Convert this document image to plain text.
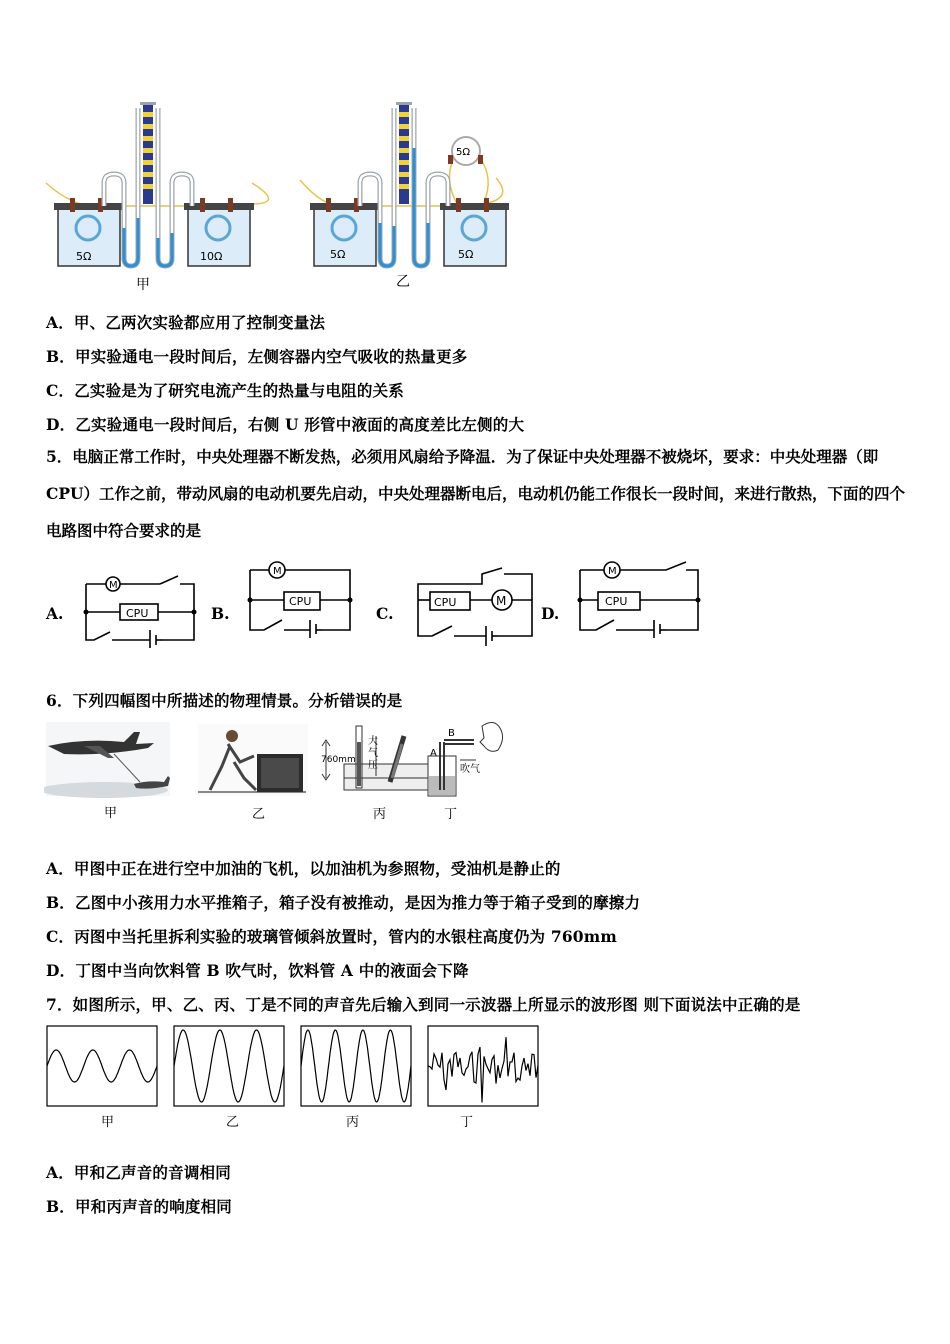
5Ω	10Ω
甲
5Ω
5Ω	5Ω
乙
A．甲、乙两次实验都应用了控制变量法
B．甲实验通电一段时间后，左侧容器内空气吸收的热量更多
C．乙实验是为了研究电流产生的热量与电阻的关系
D．乙实验通电一段时间后，右侧 U 形管中液面的高度差比左侧的大
5．电脑正常工作时，中央处理器不断发热，必须用风扇给予降温．为了保证中央处理器不被烧坏，要求：中央处理器（即 CPU）工作之前，带动风扇的电动机要先启动，中央处理器断电后，电动机仍能工作很长一段时间，来进行散热，下面的四个电路图中符合要求的是
A.
M
CPU	B.
M
CPU
C.
CPU	M
D.
M
CPU
6．下列四幅图中所描述的物理情景。分析错误的是
甲	乙
760mm
大
气
压
丙
A
B
吹气
丁
A．甲图中正在进行空中加油的飞机，以加油机为参照物，受油机是静止的
B．乙图中小孩用力水平推箱子，箱子没有被推动，是因为推力等于箱子受到的摩擦力
C．丙图中当托里拆利实验的玻璃管倾斜放置时，管内的水银柱高度仍为 760mm
D．丁图中当向饮料管 B 吹气时，饮料管 A 中的液面会下降
7．如图所示，甲、乙、丙、丁是不同的声音先后输入到同一示波器上所显示的波形图 则下面说法中正确的是
甲	乙	丙	丁
A．甲和乙声音的音调相同
B．甲和丙声音的响度相同
